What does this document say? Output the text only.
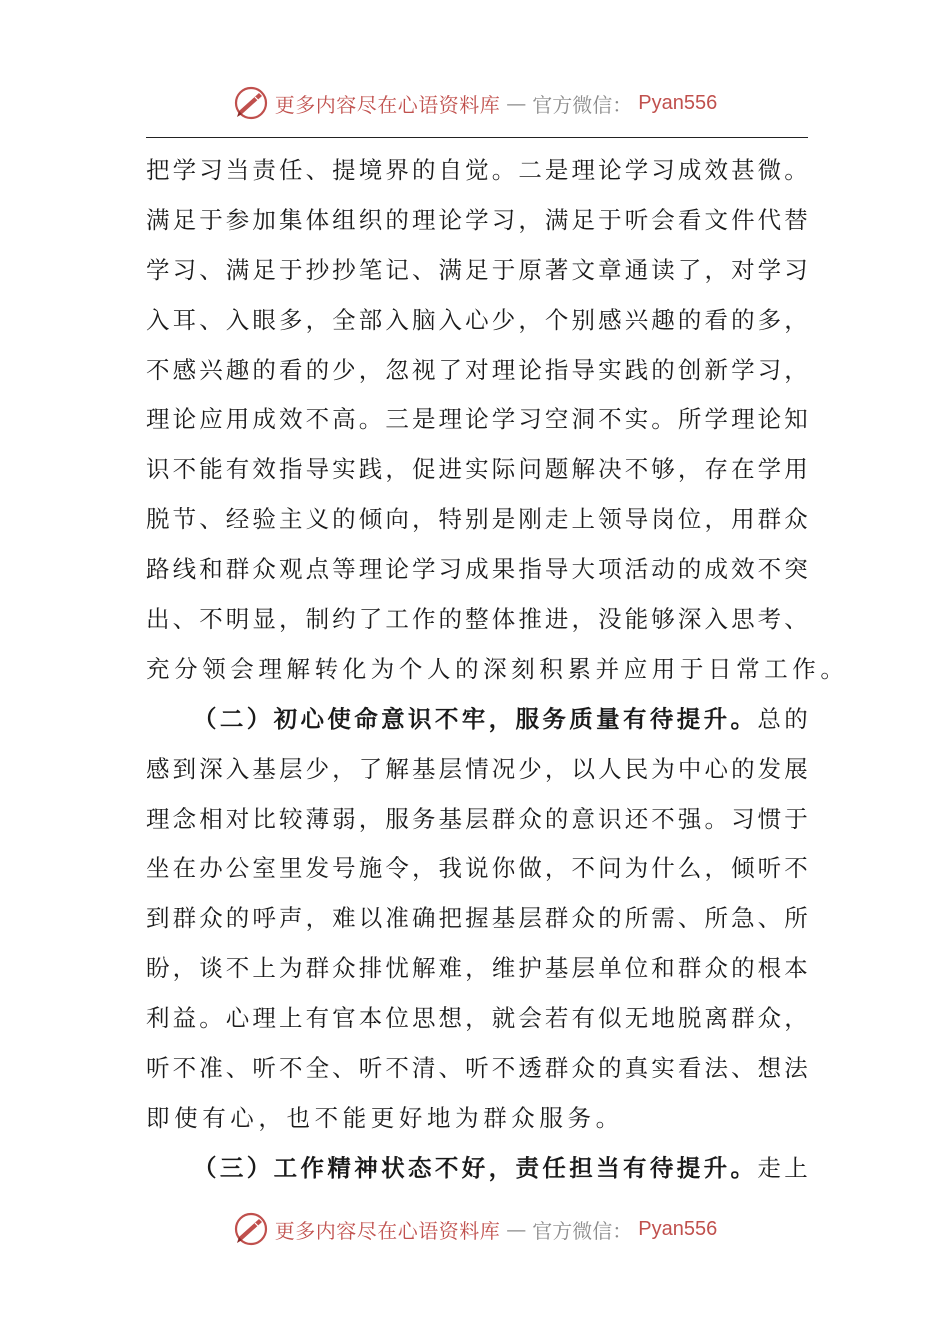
更多内容尽在心语资料库 — 官方微信： Pyan556
把 学 习 当 责 任 、 提 境 界 的 自 觉 。 二 是 理 论 学 习 成 效 甚 微 。
满 足 于 参 加 集 体 组 织 的 理 论 学 习 ， 满 足 于 听 会 看 文 件 代 替
学 习 、 满 足 于 抄 抄 笔 记 、 满 足 于 原 著 文 章 通 读 了 ， 对 学 习
入 耳 、 入 眼 多 ， 全 部 入 脑 入 心 少 ， 个 别 感 兴 趣 的 看 的 多 ，
不 感 兴 趣 的 看 的 少 ， 忽 视 了 对 理 论 指 导 实 践 的 创 新 学 习 ，
理 论 应 用 成 效 不 高 。 三 是 理 论 学 习 空 洞 不 实 。 所 学 理 论 知
识 不 能 有 效 指 导 实 践 ， 促 进 实 际 问 题 解 决 不 够 ， 存 在 学 用
脱 节 、 经 验 主 义 的 倾 向 ， 特 别 是 刚 走 上 领 导 岗 位 ， 用 群 众
路 线 和 群 众 观 点 等 理 论 学 习 成 果 指 导 大 项 活 动 的 成 效 不 突
出 、 不 明 显 ， 制 约 了 工 作 的 整 体 推 进 ， 没 能 够 深 入 思 考 、
充分领会理解转化为个人的深刻积累并应用于日常工作。
（ 二 ） 初 心 使 命 意 识 不 牢 ， 服 务 质 量 有 待 提 升 。 总 的
感 到 深 入 基 层 少 ， 了 解 基 层 情 况 少 ， 以 人 民 为 中 心 的 发 展
理 念 相 对 比 较 薄 弱 ， 服 务 基 层 群 众 的 意 识 还 不 强 。 习 惯 于
坐 在 办 公 室 里 发 号 施 令 ， 我 说 你 做 ， 不 问 为 什 么 ， 倾 听 不
到 群 众 的 呼 声 ， 难 以 准 确 把 握 基 层 群 众 的 所 需 、 所 急 、 所
盼 ， 谈 不 上 为 群 众 排 忧 解 难 ， 维 护 基 层 单 位 和 群 众 的 根 本
利 益 。 心 理 上 有 官 本 位 思 想 ， 就 会 若 有 似 无 地 脱 离 群 众 ，
听 不 准 、 听 不 全 、 听 不 清 、 听 不 透 群 众 的 真 实 看 法 、 想 法
即使有心，也不能更好地为群众服务。
（ 三 ） 工 作 精 神 状 态 不 好 ， 责 任 担 当 有 待 提 升 。 走 上
更多内容尽在心语资料库 — 官方微信： Pyan556
